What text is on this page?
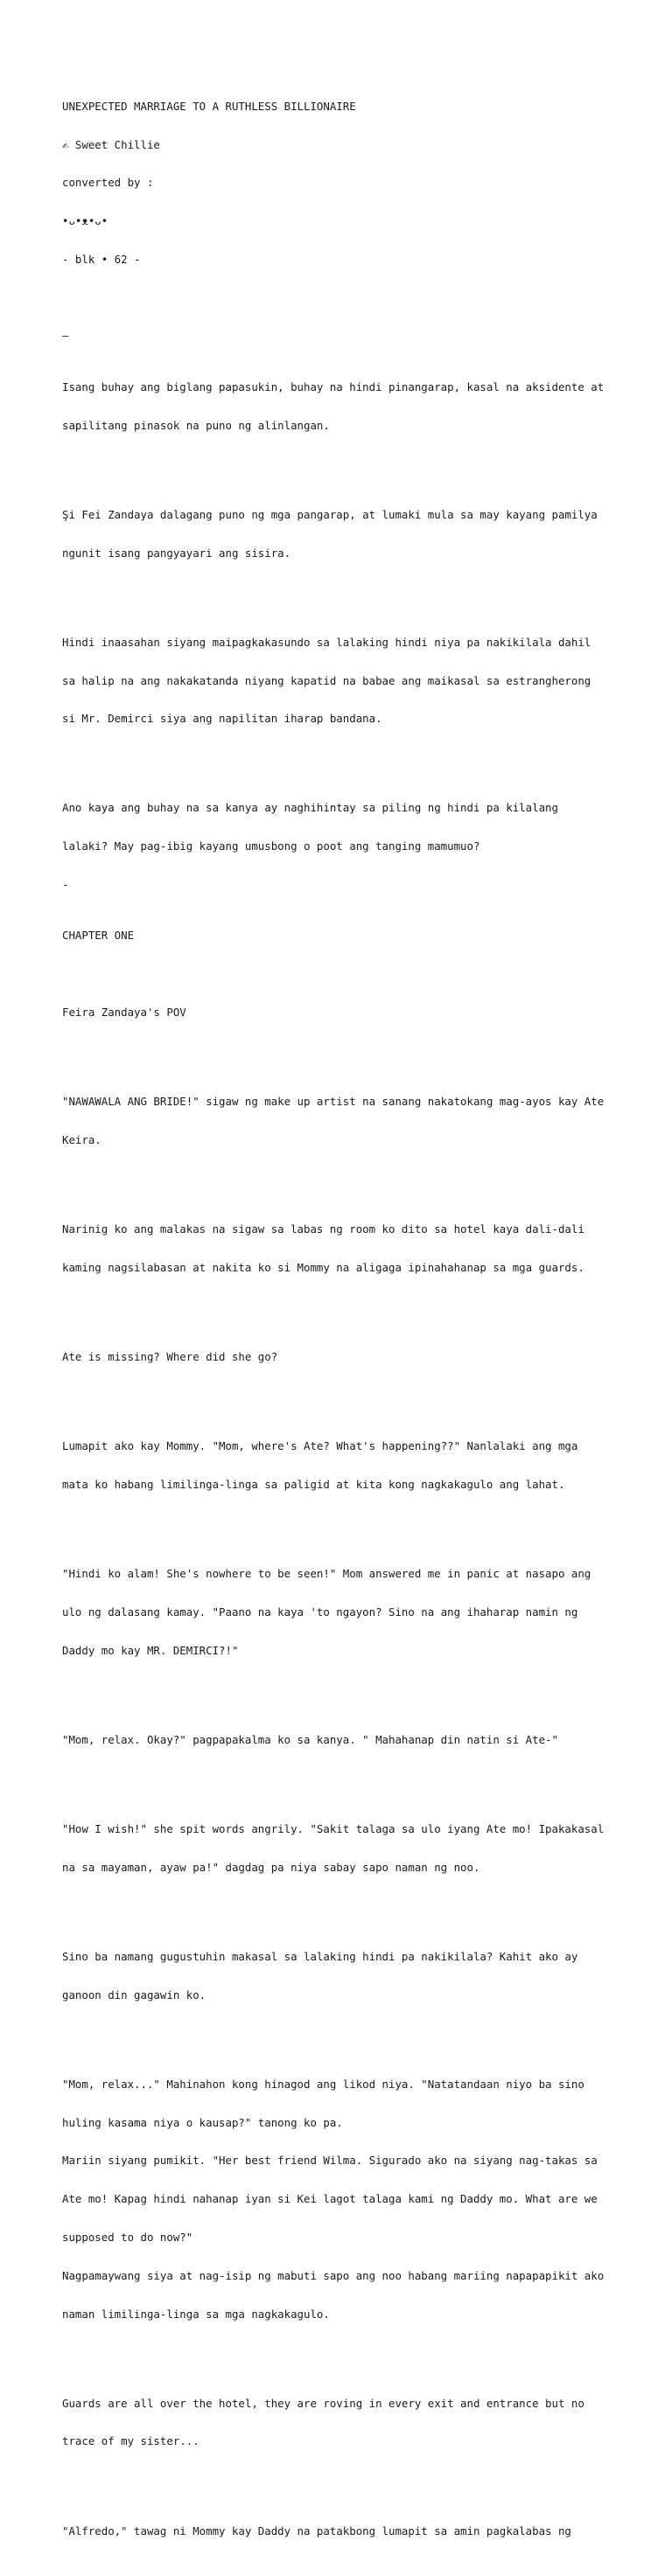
UNEXPECTED MARRIAGE TO A RUTHLESS BILLIONAIRE

✍ Sweet Chillie

converted by :

•ᴗ•ᴥ•ᴗ•

- blk • 62 -

—

Isang buhay ang biglang papasukin, buhay na hindi pinangarap, kasal na aksidente at

sapilitang pinasok na puno ng alinlangan.

Şi Fei Zandaya dalagang puno ng mga pangarap, at lumaki mula sa may kayang pamilya

ngunit isang pangyayari ang sisira.

Hindi inaasahan siyang maipagkakasundo sa lalaking hindi niya pa nakikilala dahil

sa halip na ang nakakatanda niyang kapatid na babae ang maikasal sa estrangherong

si Mr. Demirci siya ang napilitan iharap bandana.

Ano kaya ang buhay na sa kanya ay naghihintay sa piling ng hindi pa kilalang

lalaki? May pag-ibig kayang umusbong o poot ang tanging mamumuo?

-

CHAPTER ONE

Feira Zandaya's POV

"NAWAWALA ANG BRIDE!" sigaw ng make up artist na sanang nakatokang mag-ayos kay Ate

Keira.

Narinig ko ang malakas na sigaw sa labas ng room ko dito sa hotel kaya dali-dali

kaming nagsilabasan at nakita ko si Mommy na aligaga ipinahahanap sa mga guards.

Ate is missing? Where did she go?

Lumapit ako kay Mommy. "Mom, where's Ate? What's happening??" Nanlalaki ang mga

mata ko habang limilinga-linga sa paligid at kita kong nagkakagulo ang lahat.

"Hindi ko alam! She's nowhere to be seen!" Mom answered me in panic at nasapo ang

ulo ng dalasang kamay. "Paano na kaya 'to ngayon? Sino na ang ihaharap namin ng

Daddy mo kay MR. DEMIRCI?!"

"Mom, relax. Okay?" pagpapakalma ko sa kanya. " Mahahanap din natin si Ate-"

"How I wish!" she spit words angrily. "Sakit talaga sa ulo iyang Ate mo! Ipakakasal

na sa mayaman, ayaw pa!" dagdag pa niya sabay sapo naman ng noo.

Sino ba namang gugustuhin makasal sa lalaking hindi pa nakikilala? Kahit ako ay

ganoon din gagawin ko.

"Mom, relax..." Mahinahon kong hinagod ang likod niya. "Natatandaan niyo ba sino

huling kasama niya o kausap?" tanong ko pa.

Mariin siyang pumikit. "Her best friend Wilma. Sigurado ako na siyang nag-takas sa

Ate mo! Kapag hindi nahanap iyan si Kei lagot talaga kami ng Daddy mo. What are we

supposed to do now?"

Nagpamaywang siya at nag-isip ng mabuti sapo ang noo habang mariing napapapikit ako

naman limilinga-linga sa mga nagkakagulo.

Guards are all over the hotel, they are roving in every exit and entrance but no

trace of my sister...

"Alfredo," tawag ni Mommy kay Daddy na patakbong lumapit sa amin pagkalabas ng
